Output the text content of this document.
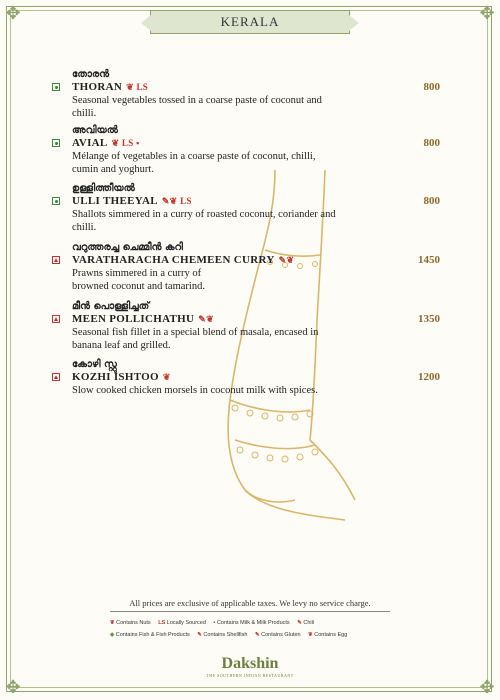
✥	✥
✥	✥
KERALA
തോരൻ
THORAN ❦ LS	800
Seasonal vegetables tossed in a coarse paste of coconut and chilli.
അവിയൽ
AVIAL ❦ LS ▪	800
Mélange of vegetables in a coarse paste of coconut, chilli, cumin and yoghurt.
ഉള്ളിത്തീയൽ
ULLI THEEYAL ✎❦ LS	800
Shallots simmered in a curry of roasted coconut, coriander and chilli.
വറുത്തരച്ച ചെമ്മീൻ കറി
VARATHARACHA CHEMEEN CURRY ✎❦	1450
Prawns simmered in a curry of browned coconut and tamarind.
മീൻ പൊള്ളിച്ചത്
MEEN POLLICHATHU ✎❦	1350
Seasonal fish fillet in a special blend of masala, encased in banana leaf and grilled.
കോഴി സ്റ്റു
KOZHI ISHTOO ❦	1200
Slow cooked chicken morsels in coconut milk with spices.
All prices are exclusive of applicable taxes. We levy no service charge.
❦ Contains Nuts LS Locally Sourced ▪ Contains Milk & Milk Products ✎ Chili
◆ Contains Fish & Fish Products ✎ Contains Shellfish ✎ Contains Gluten ❦ Contains Egg
Dakshin
THE SOUTHERN INDIAN RESTAURANT
